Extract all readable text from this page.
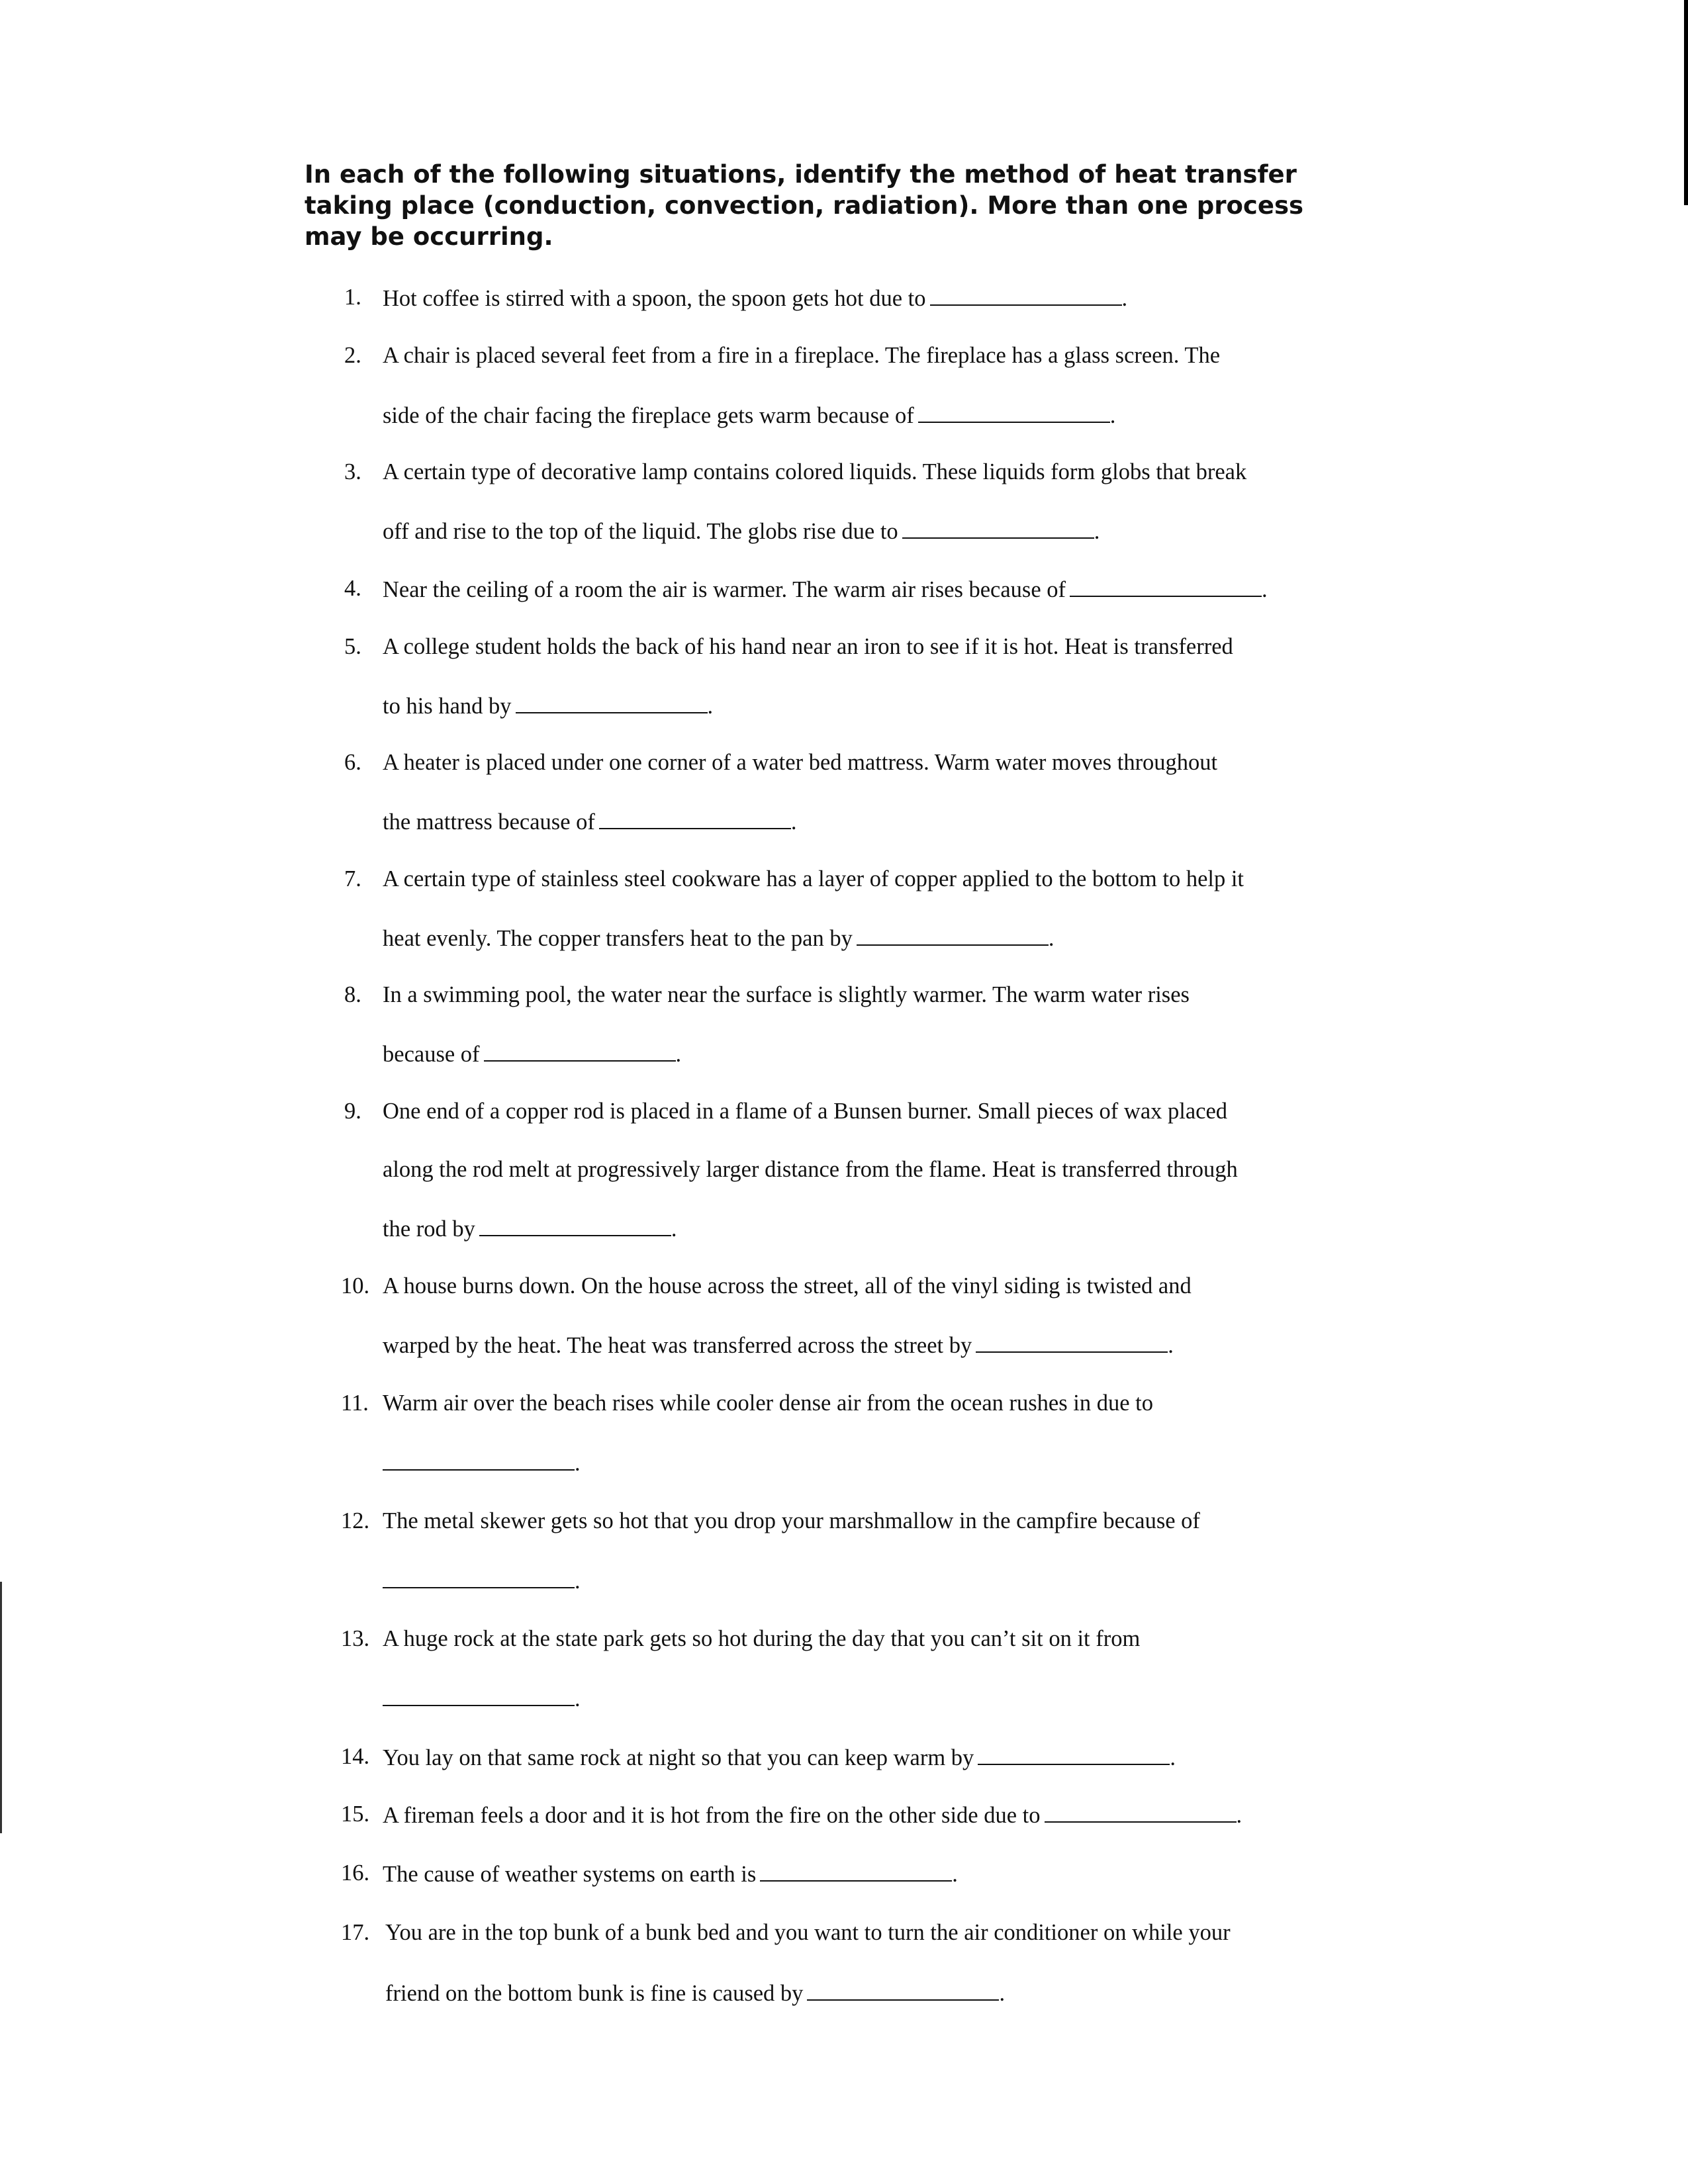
In each of the following situations, identify the method of heat transfer taking place (conduction, convection, radiation). More than one process may be occurring.
1. Hot coffee is stirred with a spoon, the spoon gets hot due to	.
2. A chair is placed several feet from a fire in a fireplace. The fireplace has a glass screen. The
side of the chair facing the fireplace gets warm because of	.
3. A certain type of decorative lamp contains colored liquids. These liquids form globs that break
off and rise to the top of the liquid. The globs rise due to	.
4. Near the ceiling of a room the air is warmer. The warm air rises because of	.
5. A college student holds the back of his hand near an iron to see if it is hot. Heat is transferred
to his hand by	.
6. A heater is placed under one corner of a water bed mattress. Warm water moves throughout
the mattress because of	.
7. A certain type of stainless steel cookware has a layer of copper applied to the bottom to help it
heat evenly. The copper transfers heat to the pan by	.
8. In a swimming pool, the water near the surface is slightly warmer. The warm water rises
because of	.
9. One end of a copper rod is placed in a flame of a Bunsen burner. Small pieces of wax placed
along the rod melt at progressively larger distance from the flame. Heat is transferred through
the rod by	.
10. A house burns down. On the house across the street, all of the vinyl siding is twisted and
warped by the heat. The heat was transferred across the street by	.
11. Warm air over the beach rises while cooler dense air from the ocean rushes in due to
.
12. The metal skewer gets so hot that you drop your marshmallow in the campfire because of
.
13. A huge rock at the state park gets so hot during the day that you can’t sit on it from
.
14. You lay on that same rock at night so that you can keep warm by	.
15. A fireman feels a door and it is hot from the fire on the other side due to	.
16. The cause of weather systems on earth is	.
17. You are in the top bunk of a bunk bed and you want to turn the air conditioner on while your
friend on the bottom bunk is fine is caused by	.
